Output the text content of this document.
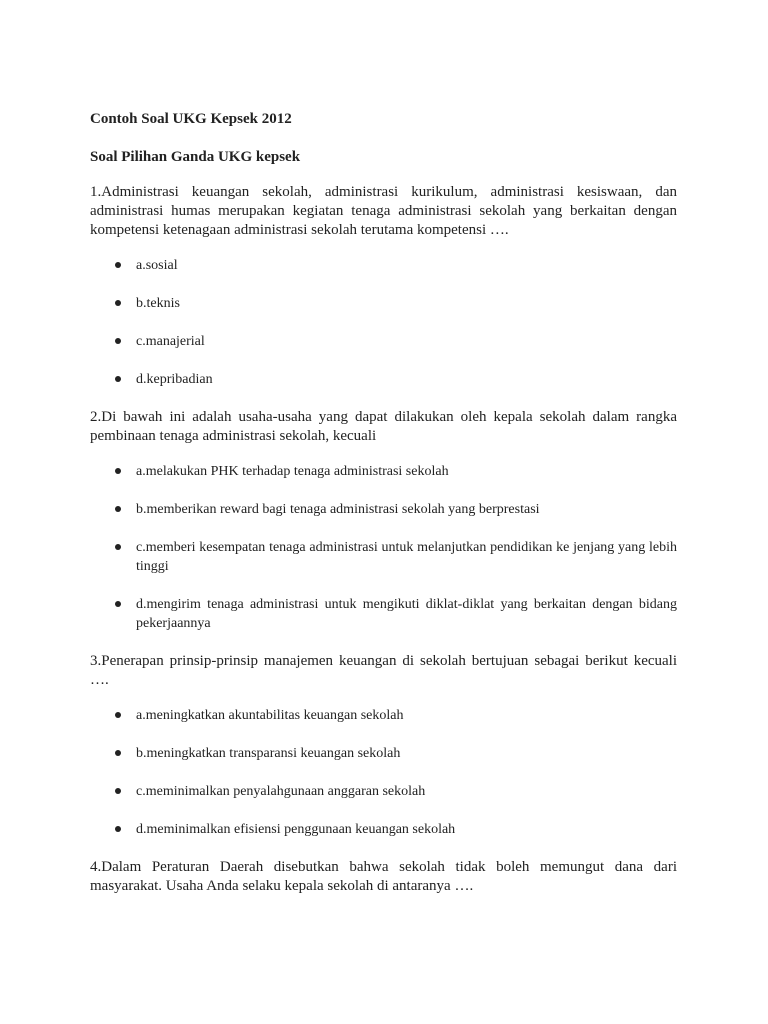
Contoh Soal UKG Kepsek 2012

Soal Pilihan Ganda UKG kepsek

1.Administrasi keuangan sekolah, administrasi kurikulum, administrasi kesiswaan, dan administrasi humas merupakan kegiatan tenaga administrasi sekolah yang berkaitan dengan kompetensi ketenagaan administrasi sekolah terutama kompetensi ….

a.sosial
b.teknis
c.manajerial
d.kepribadian

2.Di bawah ini adalah usaha-usaha yang dapat dilakukan oleh kepala sekolah dalam rangka pembinaan tenaga administrasi sekolah, kecuali

a.melakukan PHK terhadap tenaga administrasi sekolah
b.memberikan reward bagi tenaga administrasi sekolah yang berprestasi
c.memberi kesempatan tenaga administrasi untuk melanjutkan pendidikan ke jenjang yang lebih tinggi
d.mengirim tenaga administrasi untuk mengikuti diklat-diklat yang berkaitan dengan bidang pekerjaannya

3.Penerapan prinsip-prinsip manajemen keuangan di sekolah bertujuan sebagai berikut kecuali ….

a.meningkatkan akuntabilitas keuangan sekolah
b.meningkatkan transparansi keuangan sekolah
c.meminimalkan penyalahgunaan anggaran sekolah
d.meminimalkan efisiensi penggunaan keuangan sekolah

4.Dalam Peraturan Daerah disebutkan bahwa sekolah tidak boleh memungut dana dari masyarakat. Usaha Anda selaku kepala sekolah di antaranya ….
